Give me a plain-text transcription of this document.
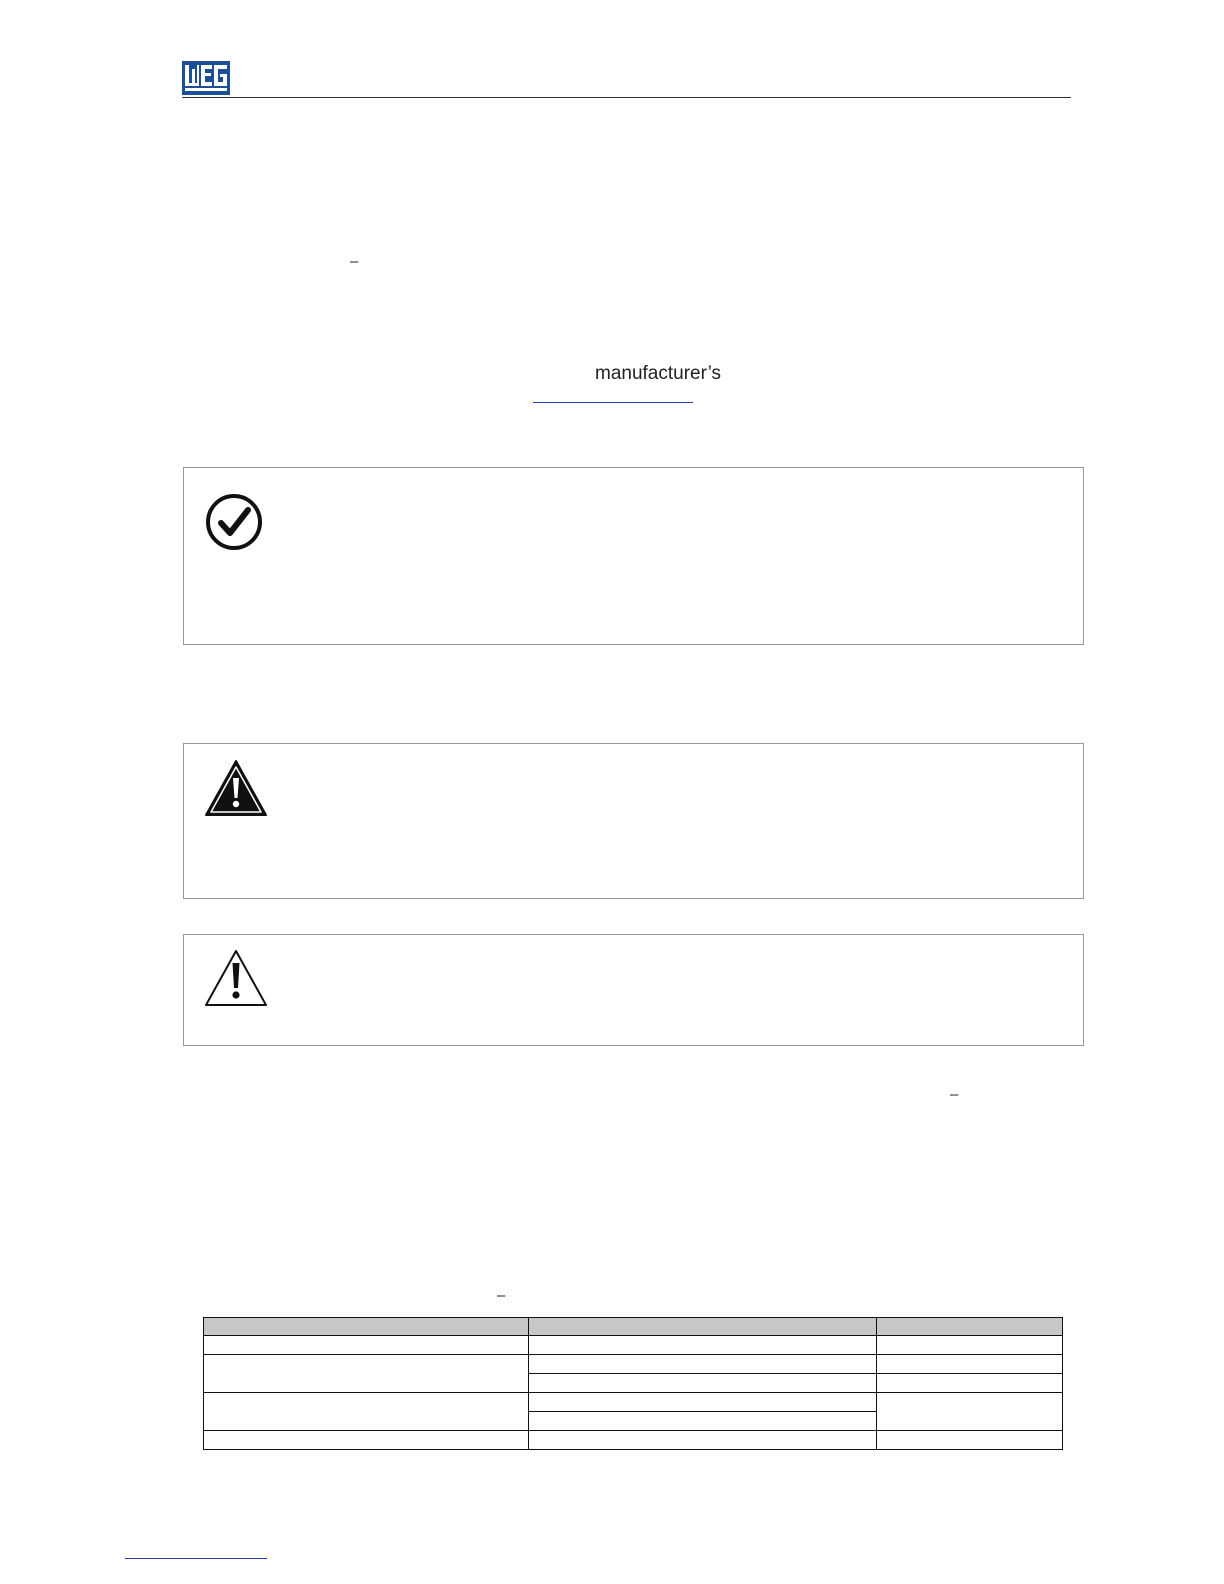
–
manufacturer’s
–
–
